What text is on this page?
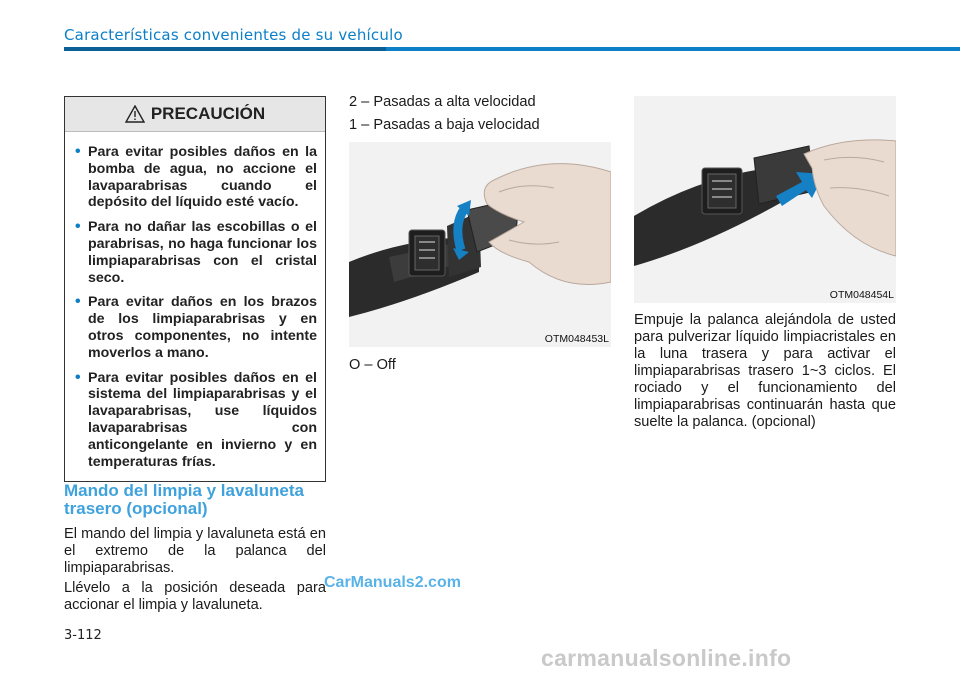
Características convenientes de su vehículo
PRECAUCIÓN
• Para evitar posibles daños en la bomba de agua, no accione el lavaparabrisas cuando el depósito del líquido esté vacío.
• Para no dañar las escobillas o el parabrisas, no haga funcionar los limpiaparabrisas con el cristal seco.
• Para evitar daños en los brazos de los limpiaparabrisas y en otros componentes, no intente moverlos a mano.
• Para evitar posibles daños en el sistema del limpiaparabrisas y el lavaparabrisas, use líquidos lavaparabrisas con anticongelante en invierno y en temperaturas frías.
Mando del limpia y lavaluneta trasero (opcional)
El mando del limpia y lavaluneta está en el extremo de la palanca del limpiaparabrisas.
Llévelo a la posición deseada para accionar el limpia y lavaluneta.
2 – Pasadas a alta velocidad
1 – Pasadas a baja velocidad
OTM048453L
O – Off
OTM048454L
Empuje la palanca alejándola de usted para pulverizar líquido limpiacristales en la luna trasera y para activar el limpiaparabrisas trasero 1~3 ciclos. El rociado y el funcionamiento del limpiaparabrisas continuarán hasta que suelte la palanca. (opcional)
3-112
CarManuals2.com
carmanualsonline.info
